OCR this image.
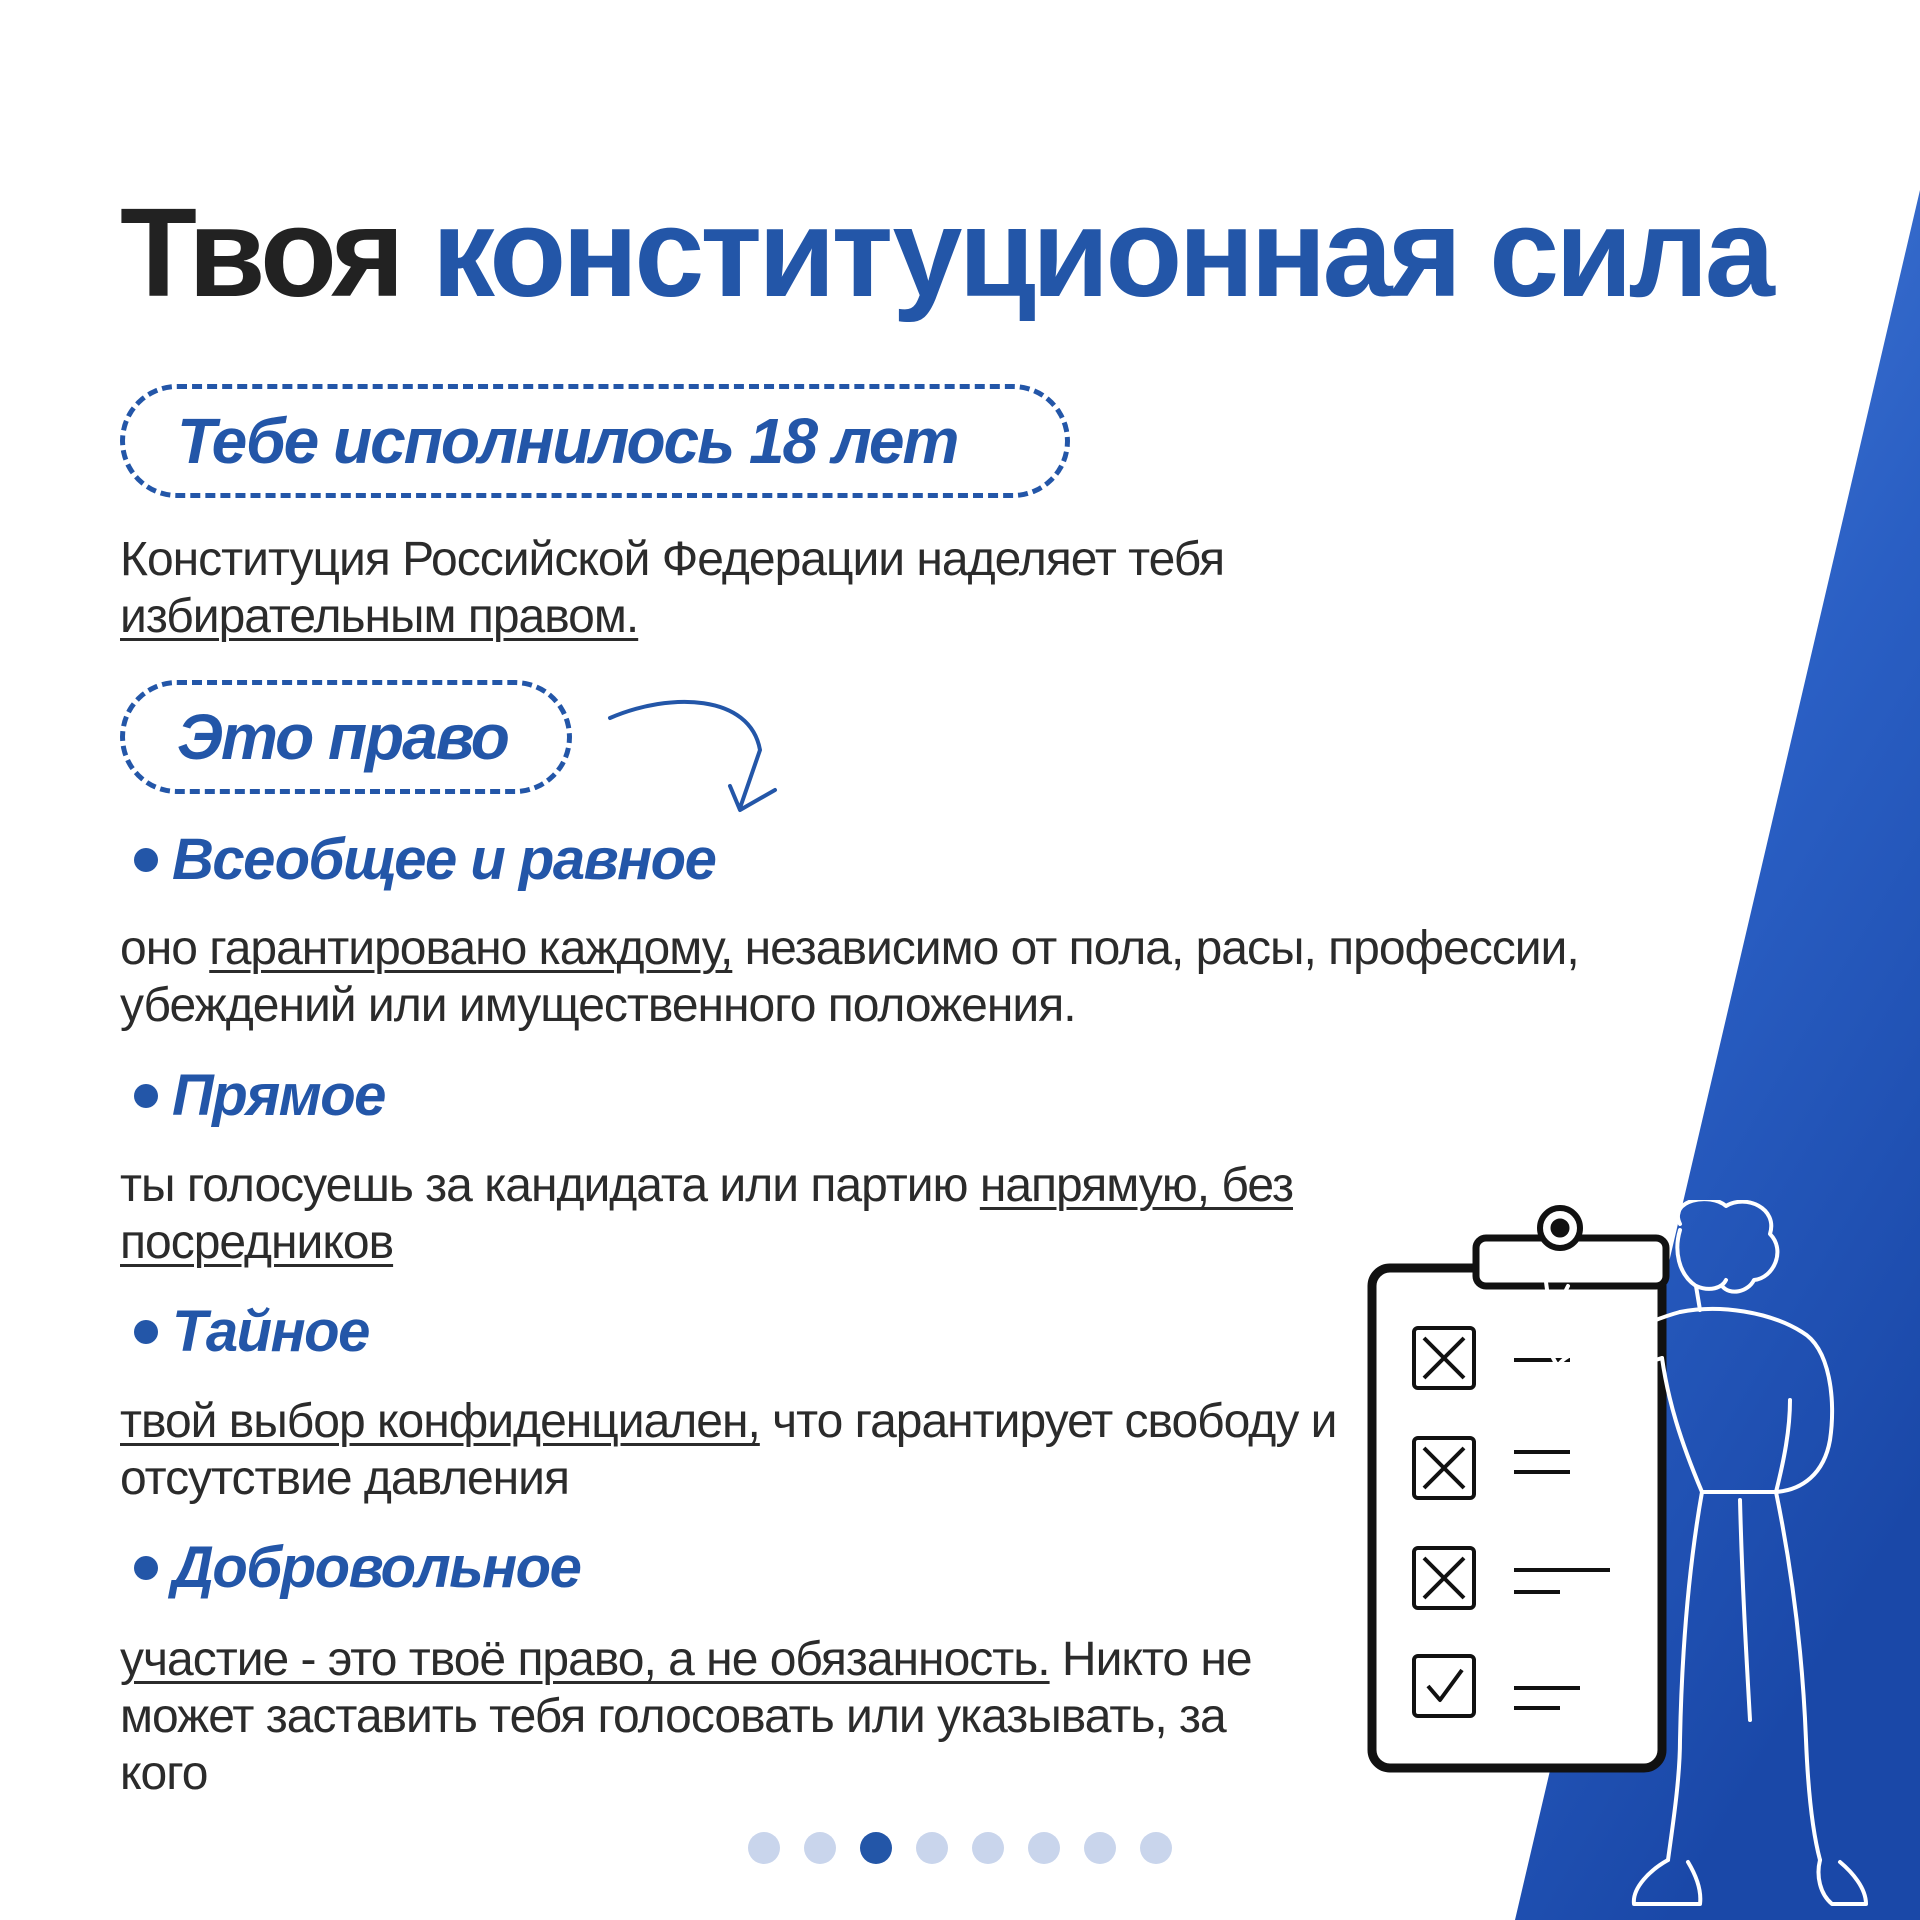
Твоя конституционная сила
Тебе исполнилось 18 лет

Конституция Российской Федерации наделяет тебя
избирательным правом.

Это право
Всеобщее и равное

оно гарантировано каждому, независимо от пола, расы, профессии, убеждений или имущественного положения.

Прямое

ты голосуешь за кандидата или партию напрямую, без посредников

Тайное

твой выбор конфиденциален, что гарантирует свободу и отсутствие давления

Добровольное

участие - это твоё право, а не обязанность. Никто не может заставить тебя голосовать или указывать, за кого
